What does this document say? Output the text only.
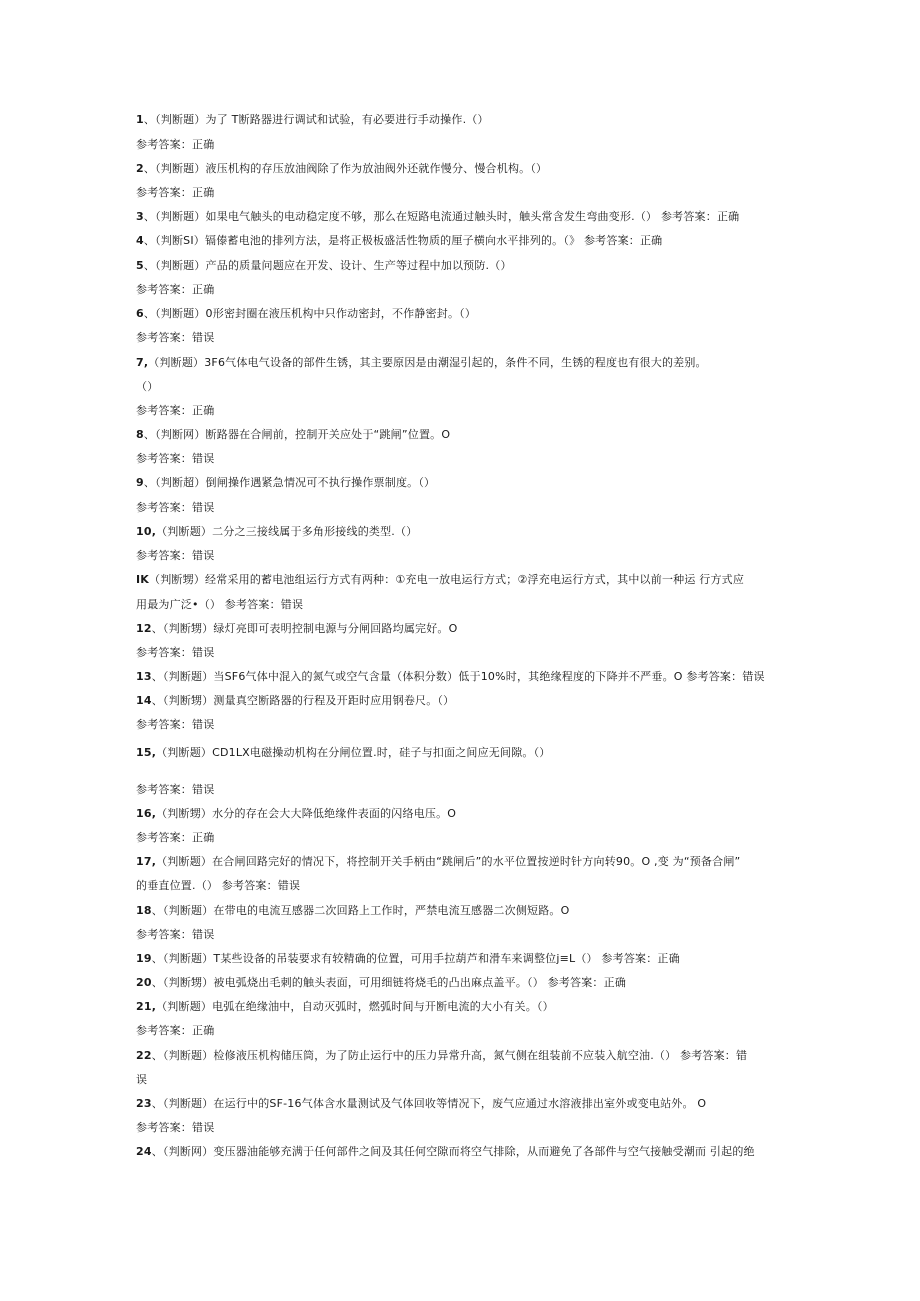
1、（判断题）为了 T断路器进行调试和试验，有必要进行手动操作.（）
参考答案：正确
2、（判断题）液压机构的存压放油阀除了作为放油阀外还就作慢分、慢合机构。（）
参考答案：正确
3、（判断题）如果电气触头的电动稳定度不够，那么在短路电流通过触头时，触头常含发生弯曲变形.（） 参考答案：正确
4、（判断SI）镉傣蓄电池的排列方法，是将正极板盛活性物质的厘子横向水平排列的。（》 参考答案：正确
5、（判断题）产品的质量问题应在开发、设计、生产等过程中加以预防.（）
参考答案：正确
6、（判断题）0形密封圈在液压机构中只作动密封，不作静密封。（）
参考答案：错误
7,（判断题）3F6气体电气设备的部件生锈，其主要原因是由潮湿引起的，条件不同，生锈的程度也有很大的差别。
（）
参考答案：正确
8、（判断网）断路器在合闸前，控制开关应处于“跳闸”位置。O
参考答案：错误
9、（判断超）倒闸操作遇紧急情况可不执行操作票制度。（）
参考答案：错误
10,（判断题）二分之三接线属于多角形接线的类型.（）
参考答案：错误
IK（判断甥）经常采用的蓄电池组运行方式有两种：①充电一放电运行方式；②浮充电运行方式，其中以前一种运 行方式应
用最为广泛•（） 参考答案：错误
12、（判断甥）绿灯亮即可表明控制电源与分闸回路均属完好。O
参考答案：错误
13、（判断题）当SF6气体中混入的氮气或空气含量（体积分数）低于10%时，其绝缘程度的下降并不严垂。O 参考答案：错误
14、（判断甥）测量真空断路器的行程及开距时应用钢卷尺。（）
参考答案：错误
15,（判断题）CD1LX电磁操动机构在分闸位置.时，硅子与扣面之间应无间隙。（）
参考答案：错误
16,（判断甥）水分的存在会大大降低绝缘件表面的闪络电压。O
参考答案：正确
17,（判断题）在合闸回路完好的情况下，将控制开关手柄由“跳闸后”的水平位置按逆时针方向转90。O ,变 为“预备合闸”
的垂直位置.（） 参考答案：错误
18、（判断题）在带电的电流互感器二次回路上工作时，严禁电流互感器二次侧短路。O
参考答案：错误
19、（判断题）T某些设备的吊装要求有较精确的位置，可用手拉葫芦和滑车来调整位j≡L（） 参考答案：正确
20、（判断甥）被电弧烧出毛刺的触头表面，可用细链将烧毛的凸出麻点盖平。（） 参考答案：正确
21,（判断题）电弧在绝缘油中，自动灭弧时，燃弧时间与开断电流的大小有关。（）
参考答案：正确
22、（判断题）检修液压机构储压筒，为了防止运行中的压力异常升高，氮气侧在组装前不应装入航空油.（） 参考答案：错
误
23、（判断题）在运行中的SF-16气体含水量测试及气体回收等情况下，废气应通过水溶液排出室外或变电站外。 O
参考答案：错误
24、（判断网）变压器油能够充满于任何部件之间及其任何空隙而将空气排除，从而避免了各部件与空气接触受潮而 引起的绝
